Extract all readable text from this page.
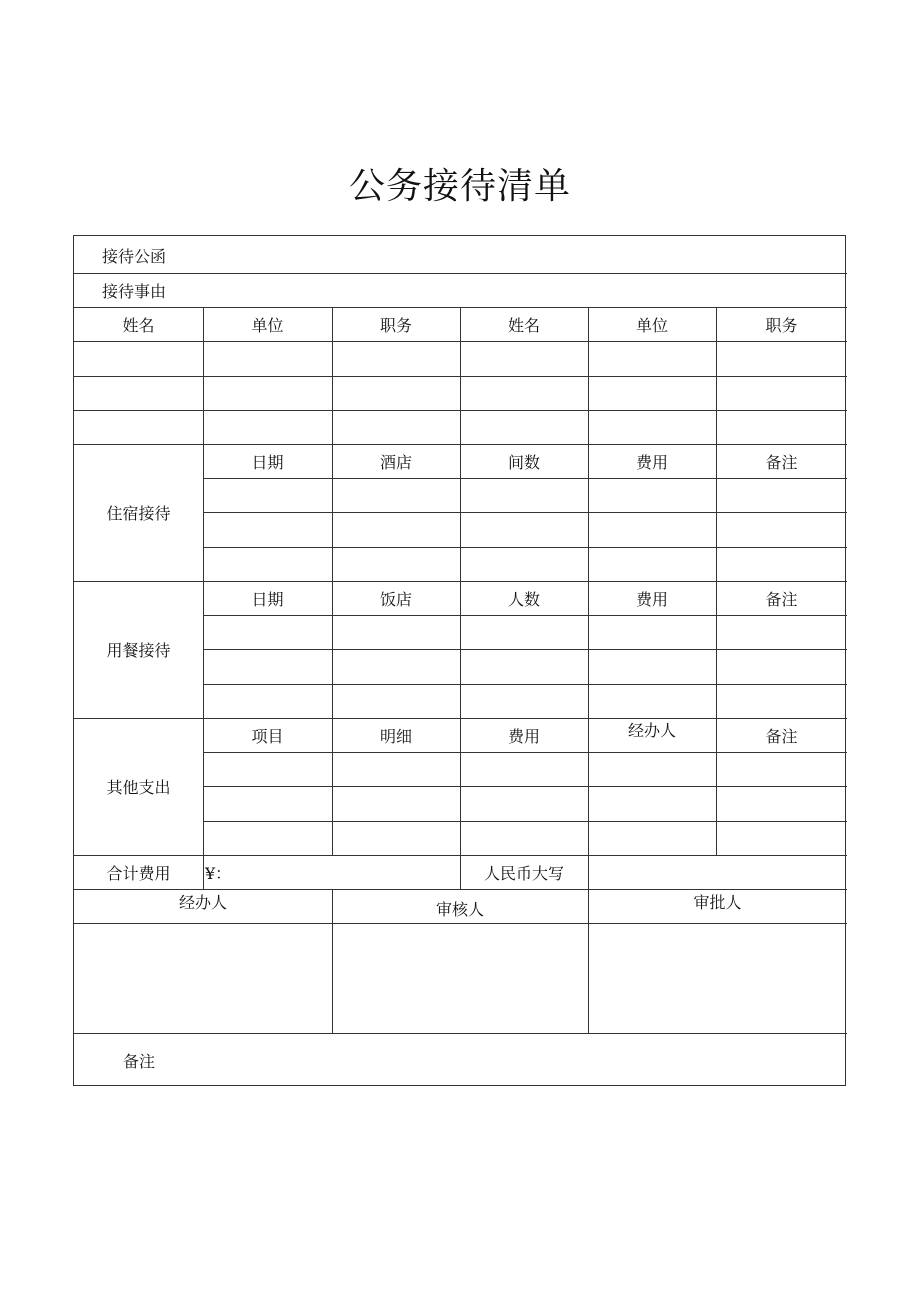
公务接待清单
接待公函
接待事由
姓名	单位	职务	姓名	单位	职务
住宿接待
日期	酒店	间数	费用	备注
用餐接待
日期	饭店	人数	费用	备注
其他支出
项目	明细	费用	经办人	备注
合计费用	¥：	人民币大写
经办人	审核人	审批人
备注
